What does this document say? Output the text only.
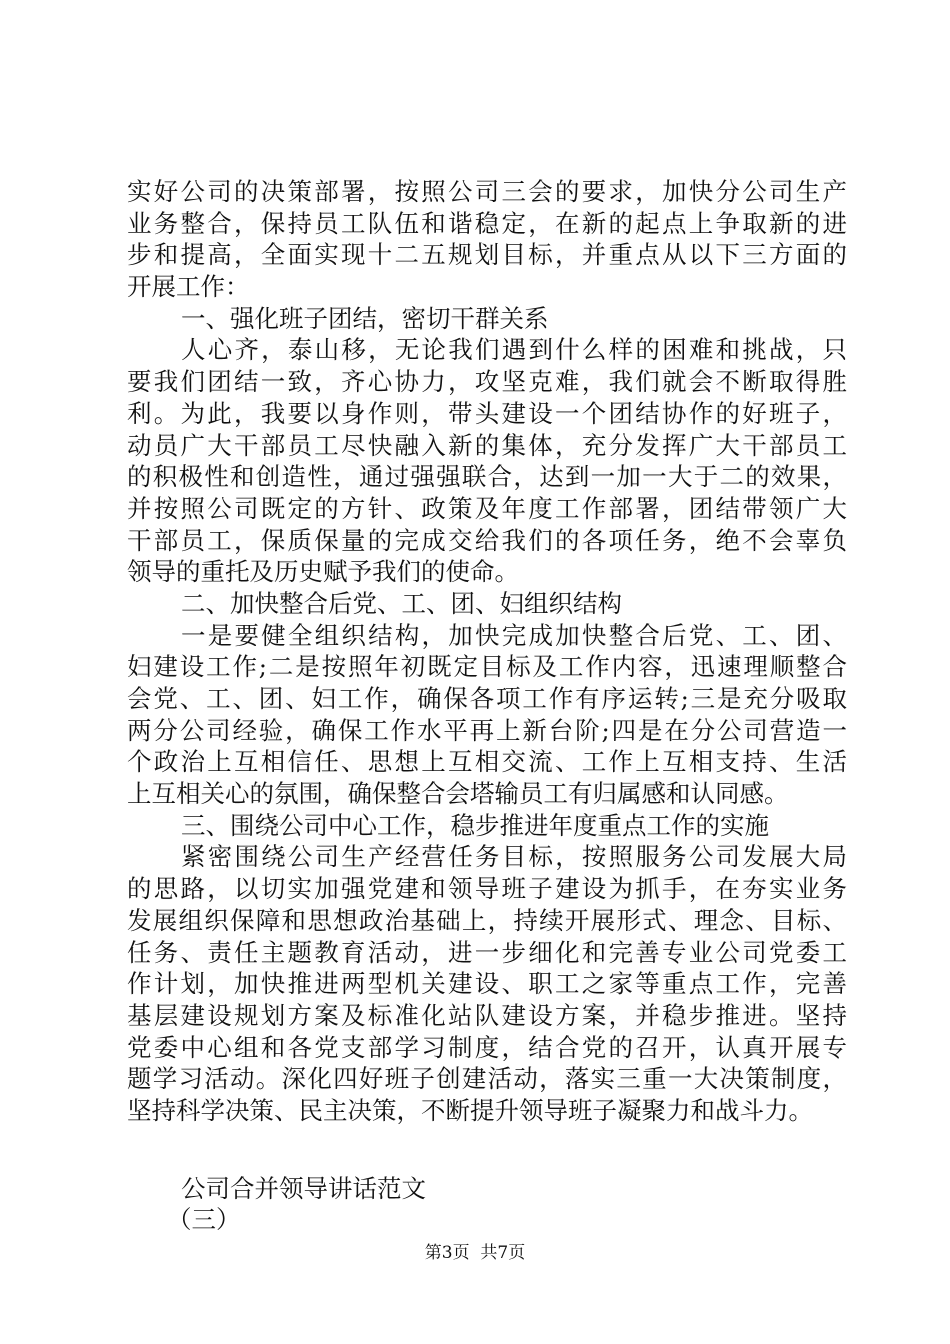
实好公司的决策部署，按照公司三会的要求，加快分公司生产
业务整合，保持员工队伍和谐稳定，在新的起点上争取新的进
步和提高，全面实现十二五规划目标，并重点从以下三方面的
开展工作：
一、强化班子团结，密切干群关系
人心齐，泰山移，无论我们遇到什么样的困难和挑战，只
要我们团结一致，齐心协力，攻坚克难，我们就会不断取得胜
利。为此，我要以身作则，带头建设一个团结协作的好班子，
动员广大干部员工尽快融入新的集体，充分发挥广大干部员工
的积极性和创造性，通过强强联合，达到一加一大于二的效果，
并按照公司既定的方针、政策及年度工作部署，团结带领广大
干部员工，保质保量的完成交给我们的各项任务，绝不会辜负
领导的重托及历史赋予我们的使命。
二、加快整合后党、工、团、妇组织结构
一是要健全组织结构，加快完成加快整合后党、工、团、
妇建设工作;二是按照年初既定目标及工作内容，迅速理顺整合
会党、工、团、妇工作，确保各项工作有序运转;三是充分吸取
两分公司经验，确保工作水平再上新台阶;四是在分公司营造一
个政治上互相信任、思想上互相交流、工作上互相支持、生活
上互相关心的氛围，确保整合会塔输员工有归属感和认同感。
三、围绕公司中心工作，稳步推进年度重点工作的实施
紧密围绕公司生产经营任务目标，按照服务公司发展大局
的思路，以切实加强党建和领导班子建设为抓手，在夯实业务
发展组织保障和思想政治基础上，持续开展形式、理念、目标、
任务、责任主题教育活动，进一步细化和完善专业公司党委工
作计划，加快推进两型机关建设、职工之家等重点工作，完善
基层建设规划方案及标准化站队建设方案，并稳步推进。坚持
党委中心组和各党支部学习制度，结合党的召开，认真开展专
题学习活动。深化四好班子创建活动，落实三重一大决策制度，
坚持科学决策、民主决策，不断提升领导班子凝聚力和战斗力。
公司合并领导讲话范文
（三）
第3页  共7页
